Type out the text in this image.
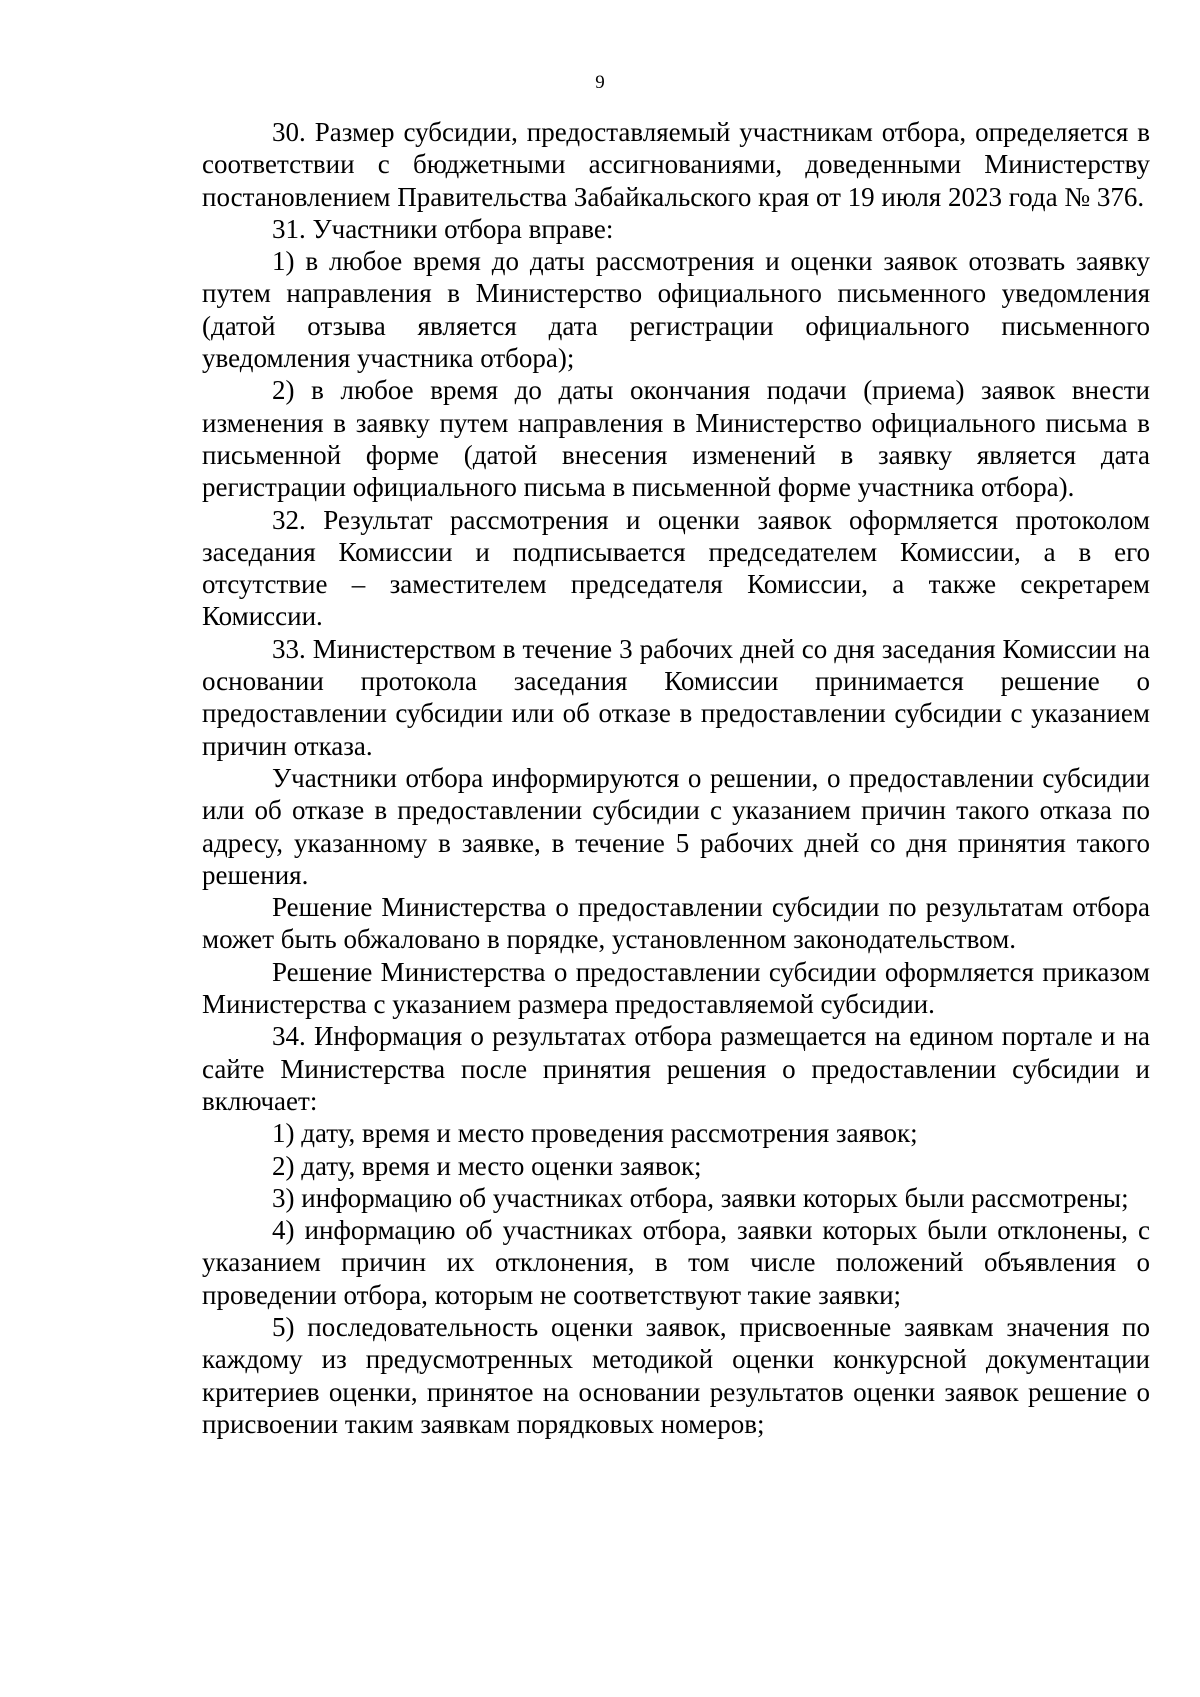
9

30. Размер субсидии, предоставляемый участникам отбора, определяется в соответствии с бюджетными ассигнованиями, доведенными Министерству постановлением Правительства Забайкальского края от 19 июля 2023 года № 376.

31. Участники отбора вправе:

1) в любое время до даты рассмотрения и оценки заявок отозвать заявку путем направления в Министерство официального письменного уведомления (датой отзыва является дата регистрации официального письменного уведомления участника отбора);

2) в любое время до даты окончания подачи (приема) заявок внести изменения в заявку путем направления в Министерство официального письма в письменной форме (датой внесения изменений в заявку является дата регистрации официального письма в письменной форме участника отбора).

32. Результат рассмотрения и оценки заявок оформляется протоколом заседания Комиссии и подписывается председателем Комиссии, а в его отсутствие – заместителем председателя Комиссии, а также секретарем Комиссии.

33. Министерством в течение 3 рабочих дней со дня заседания Комиссии на основании протокола заседания Комиссии принимается решение о предоставлении субсидии или об отказе в предоставлении субсидии с указанием причин отказа.

Участники отбора информируются о решении, о предоставлении субсидии или об отказе в предоставлении субсидии с указанием причин такого отказа по адресу, указанному в заявке, в течение 5 рабочих дней со дня принятия такого решения.

Решение Министерства о предоставлении субсидии по результатам отбора может быть обжаловано в порядке, установленном законодательством.

Решение Министерства о предоставлении субсидии оформляется приказом Министерства с указанием размера предоставляемой субсидии.

34. Информация о результатах отбора размещается на едином портале и на сайте Министерства после принятия решения о предоставлении субсидии и включает:

1) дату, время и место проведения рассмотрения заявок;

2) дату, время и место оценки заявок;

3) информацию об участниках отбора, заявки которых были рассмотрены;

4) информацию об участниках отбора, заявки которых были отклонены, с указанием причин их отклонения, в том числе положений объявления о проведении отбора, которым не соответствуют такие заявки;

5) последовательность оценки заявок, присвоенные заявкам значения по каждому из предусмотренных методикой оценки конкурсной документации критериев оценки, принятое на основании результатов оценки заявок решение о присвоении таким заявкам порядковых номеров;
